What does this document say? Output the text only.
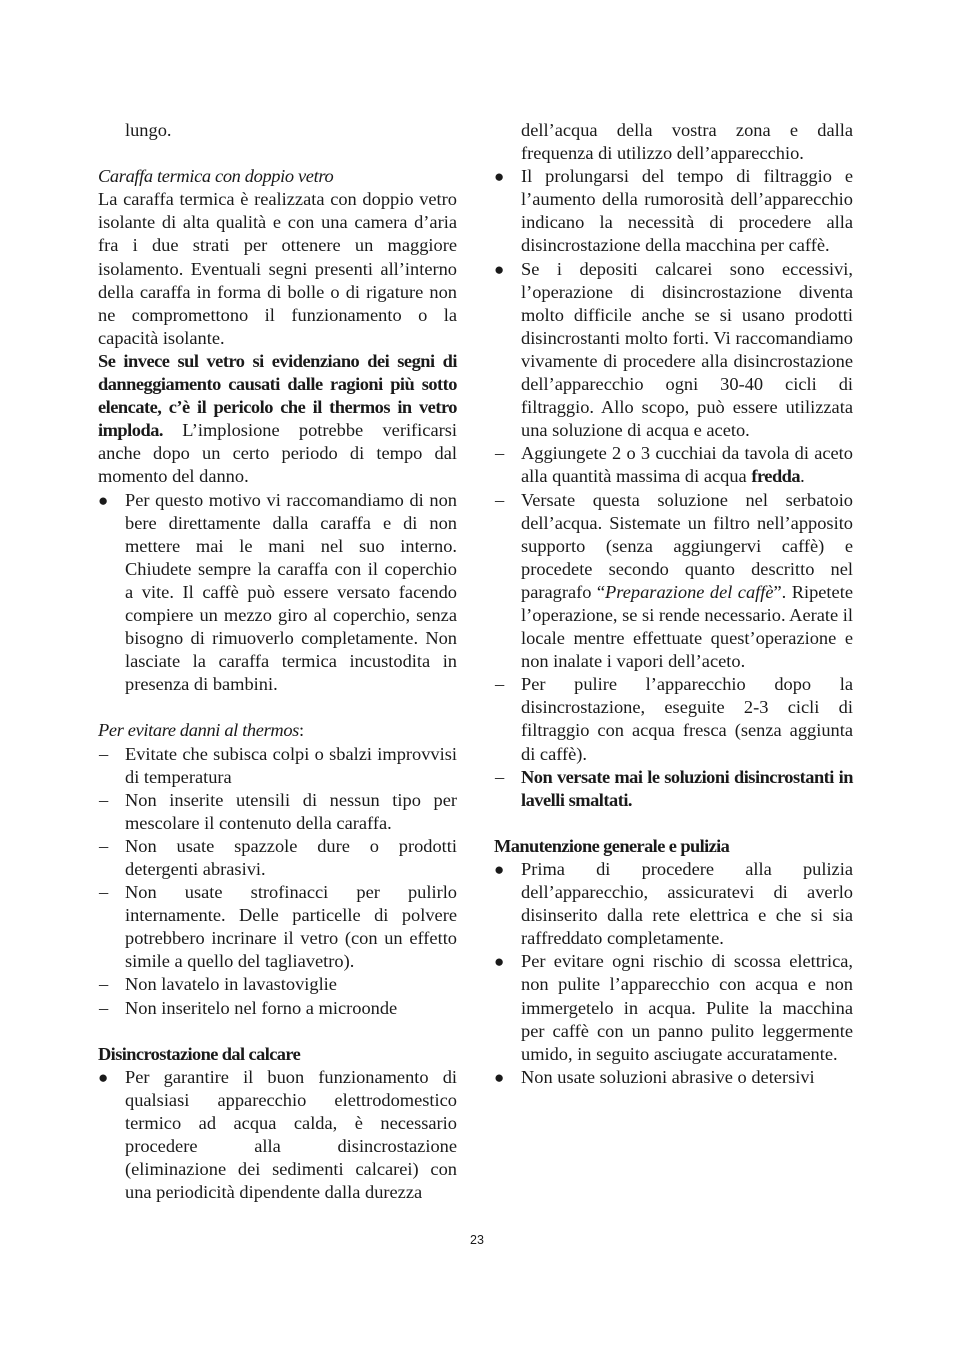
lungo.

Caraffa termica con doppio vetro

La caraffa termica è realizzata con doppio vetro isolante di alta qualità e con una camera d’aria fra i due strati per ottenere un maggiore isolamento. Eventuali segni presenti all’interno della caraffa in forma di bolle o di rigature non ne compromettono il funzionamento o la capacità isolante.

Se invece sul vetro si evidenziano dei segni di danneggiamento causati dalle ragioni più sotto elencate, c’è il pericolo che il thermos in vetro imploda. L’implosione potrebbe verificarsi anche dopo un certo periodo di tempo dal momento del danno.

● Per questo motivo vi raccomandiamo di non bere direttamente dalla caraffa e di non mettere mai le mani nel suo interno. Chiudete sempre la caraffa con il coperchio a vite. Il caffè può essere versato facendo compiere un mezzo giro al coperchio, senza bisogno di rimuoverlo completamente. Non lasciate la caraffa termica incustodita in presenza di bambini.

Per evitare danni al thermos:

– Evitate che subisca colpi o sbalzi improvvisi di temperatura
– Non inserite utensili di nessun tipo per mescolare il contenuto della caraffa.
– Non usate spazzole dure o prodotti detergenti abrasivi.
– Non usate strofinacci per pulirlo internamente. Delle particelle di polvere potrebbero incrinare il vetro (con un effetto simile a quello del tagliavetro).
– Non lavatelo in lavastoviglie
– Non inseritelo nel forno a microonde

Disincrostazione dal calcare

● Per garantire il buon funzionamento di qualsiasi apparecchio elettrodomestico termico ad acqua calda, è necessario procedere alla disincrostazione (eliminazione dei sedimenti calcarei) con una periodicità dipendente dalla durezza

dell’acqua della vostra zona e dalla frequenza di utilizzo dell’apparecchio.

● Il prolungarsi del tempo di filtraggio e l’aumento della rumorosità dell’apparecchio indicano la necessità di procedere alla disincrostazione della macchina per caffè.
● Se i depositi calcarei sono eccessivi, l’operazione di disincrostazione diventa molto difficile anche se si usano prodotti disincrostanti molto forti. Vi raccomandiamo vivamente di procedere alla disincrostazione dell’apparecchio ogni 30-40 cicli di filtraggio. Allo scopo, può essere utilizzata una soluzione di acqua e aceto.
– Aggiungete 2 o 3 cucchiai da tavola di aceto alla quantità massima di acqua fredda.
– Versate questa soluzione nel serbatoio dell’acqua. Sistemate un filtro nell’apposito supporto (senza aggiungervi caffè) e procedete secondo quanto descritto nel paragrafo “Preparazione del caffè”. Ripetete l’operazione, se si rende necessario. Aerate il locale mentre effettuate quest’operazione e non inalate i vapori dell’aceto.
– Per pulire l’apparecchio dopo la disincrostazione, eseguite 2-3 cicli di filtraggio con acqua fresca (senza aggiunta di caffè).
– Non versate mai le soluzioni disincrostanti in lavelli smaltati.

Manutenzione generale e pulizia

● Prima di procedere alla pulizia dell’apparecchio, assicuratevi di averlo disinserito dalla rete elettrica e che si sia raffreddato completamente.
● Per evitare ogni rischio di scossa elettrica, non pulite l’apparecchio con acqua e non immergetelo in acqua. Pulite la macchina per caffè con un panno pulito leggermente umido, in seguito asciugate accuratamente.
● Non usate soluzioni abrasive o detersivi
23
